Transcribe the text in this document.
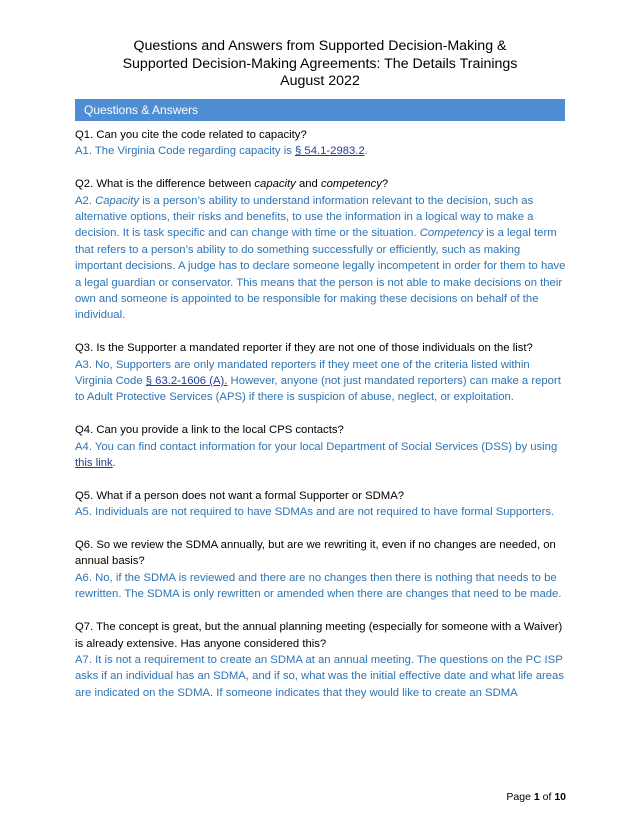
Questions and Answers from Supported Decision-Making &
Supported Decision-Making Agreements: The Details Trainings
August 2022
Questions & Answers
Q1. Can you cite the code related to capacity?
A1. The Virginia Code regarding capacity is § 54.1-2983.2.
Q2. What is the difference between capacity and competency?
A2. Capacity is a person’s ability to understand information relevant to the decision, such as alternative options, their risks and benefits, to use the information in a logical way to make a decision. It is task specific and can change with time or the situation. Competency is a legal term that refers to a person’s ability to do something successfully or efficiently, such as making important decisions. A judge has to declare someone legally incompetent in order for them to have a legal guardian or conservator. This means that the person is not able to make decisions on their own and someone is appointed to be responsible for making these decisions on behalf of the individual.
Q3. Is the Supporter a mandated reporter if they are not one of those individuals on the list?
A3. No, Supporters are only mandated reporters if they meet one of the criteria listed within Virginia Code § 63.2-1606 (A). However, anyone (not just mandated reporters) can make a report to Adult Protective Services (APS) if there is suspicion of abuse, neglect, or exploitation.
Q4. Can you provide a link to the local CPS contacts?
A4. You can find contact information for your local Department of Social Services (DSS) by using this link.
Q5. What if a person does not want a formal Supporter or SDMA?
A5. Individuals are not required to have SDMAs and are not required to have formal Supporters.
Q6. So we review the SDMA annually, but are we rewriting it, even if no changes are needed, on annual basis?
A6. No, if the SDMA is reviewed and there are no changes then there is nothing that needs to be rewritten. The SDMA is only rewritten or amended when there are changes that need to be made.
Q7. The concept is great, but the annual planning meeting (especially for someone with a Waiver) is already extensive. Has anyone considered this?
A7. It is not a requirement to create an SDMA at an annual meeting. The questions on the PC ISP asks if an individual has an SDMA, and if so, what was the initial effective date and what life areas are indicated on the SDMA. If someone indicates that they would like to create an SDMA
Page 1 of 10
